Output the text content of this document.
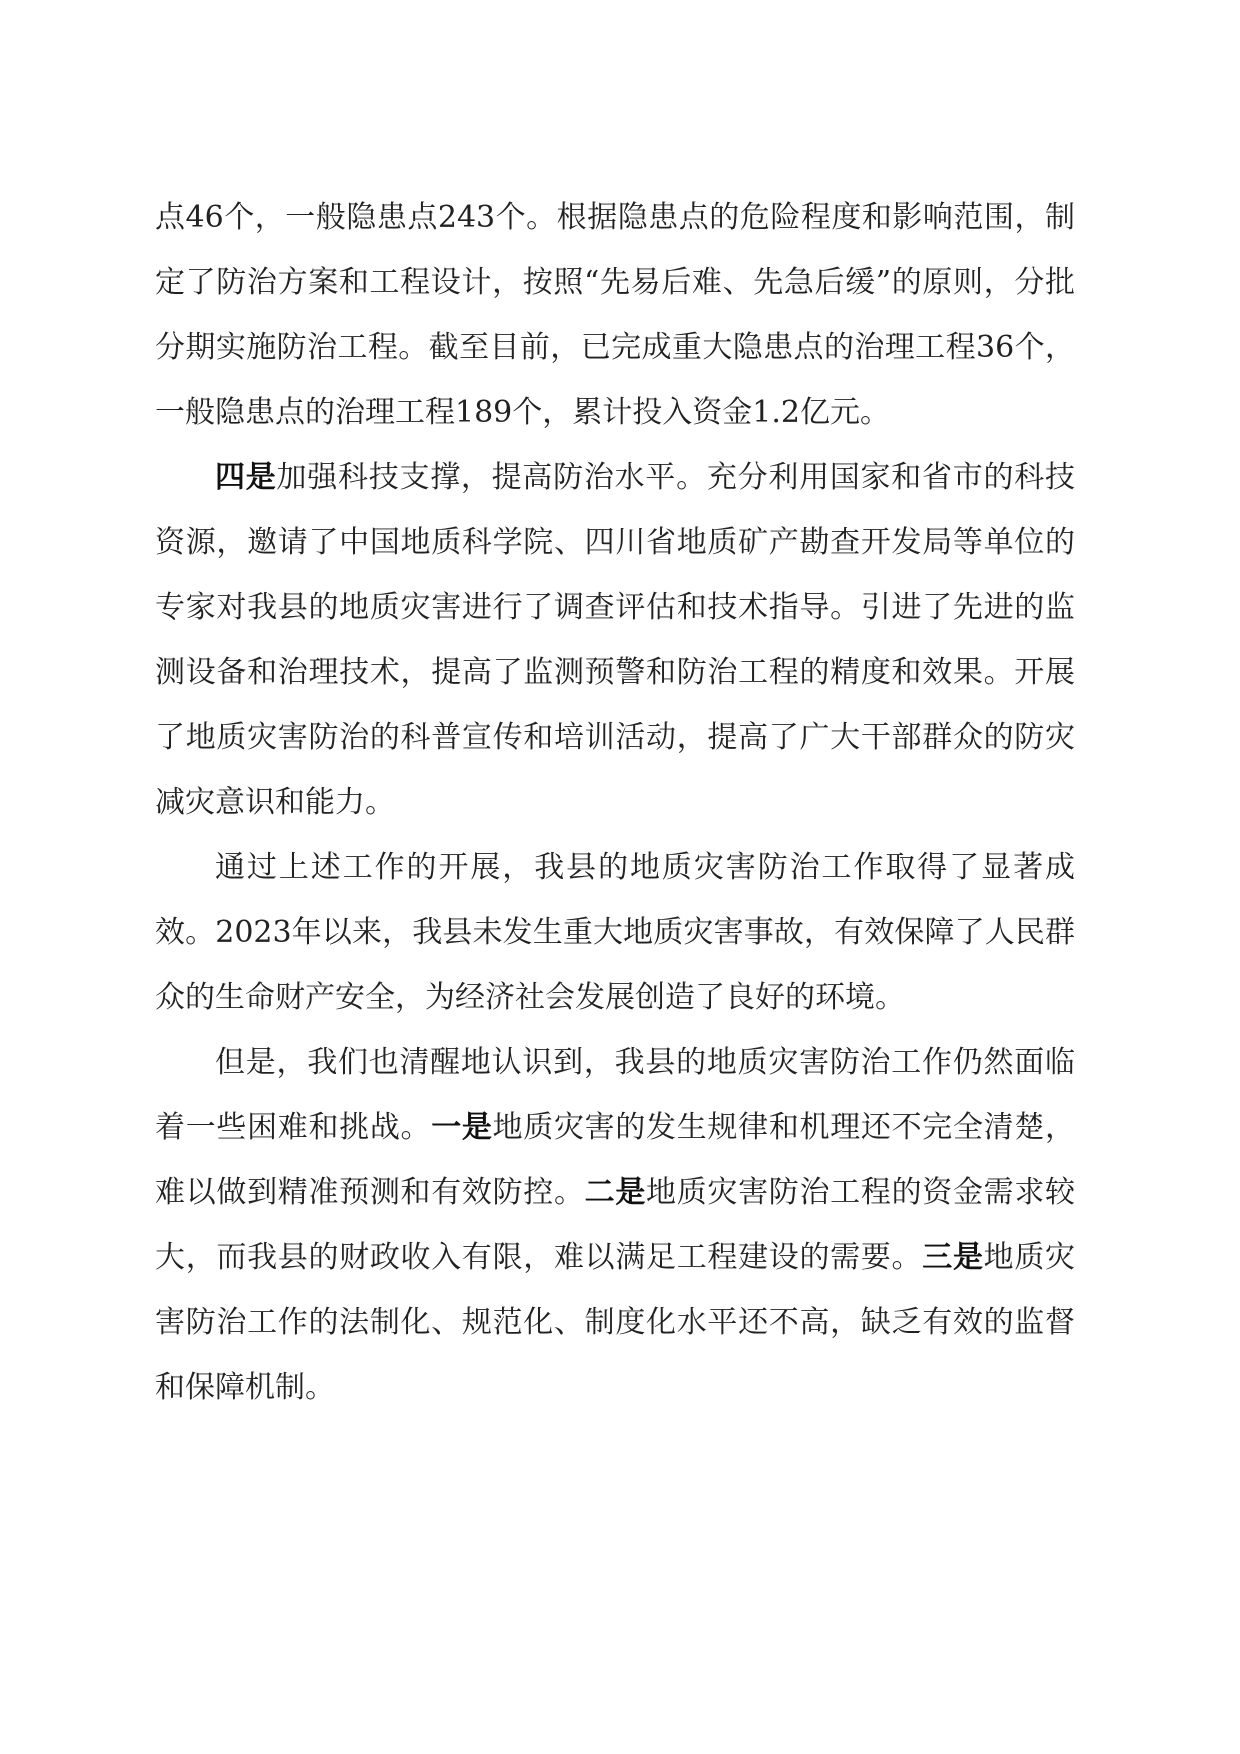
点46个，一般隐患点243个。根据隐患点的危险程度和影响范围，制定了防治方案和工程设计，按照“先易后难、先急后缓”的原则，分批分期实施防治工程。截至目前，已完成重大隐患点的治理工程36个，一般隐患点的治理工程189个，累计投入资金1.2亿元。

四是加强科技支撑，提高防治水平。充分利用国家和省市的科技资源，邀请了中国地质科学院、四川省地质矿产勘查开发局等单位的专家对我县的地质灾害进行了调查评估和技术指导。引进了先进的监测设备和治理技术，提高了监测预警和防治工程的精度和效果。开展了地质灾害防治的科普宣传和培训活动，提高了广大干部群众的防灾减灾意识和能力。

通过上述工作的开展，我县的地质灾害防治工作取得了显著成效。2023年以来，我县未发生重大地质灾害事故，有效保障了人民群众的生命财产安全，为经济社会发展创造了良好的环境。

但是，我们也清醒地认识到，我县的地质灾害防治工作仍然面临着一些困难和挑战。一是地质灾害的发生规律和机理还不完全清楚，难以做到精准预测和有效防控。二是地质灾害防治工程的资金需求较大，而我县的财政收入有限，难以满足工程建设的需要。三是地质灾害防治工作的法制化、规范化、制度化水平还不高，缺乏有效的监督和保障机制。
